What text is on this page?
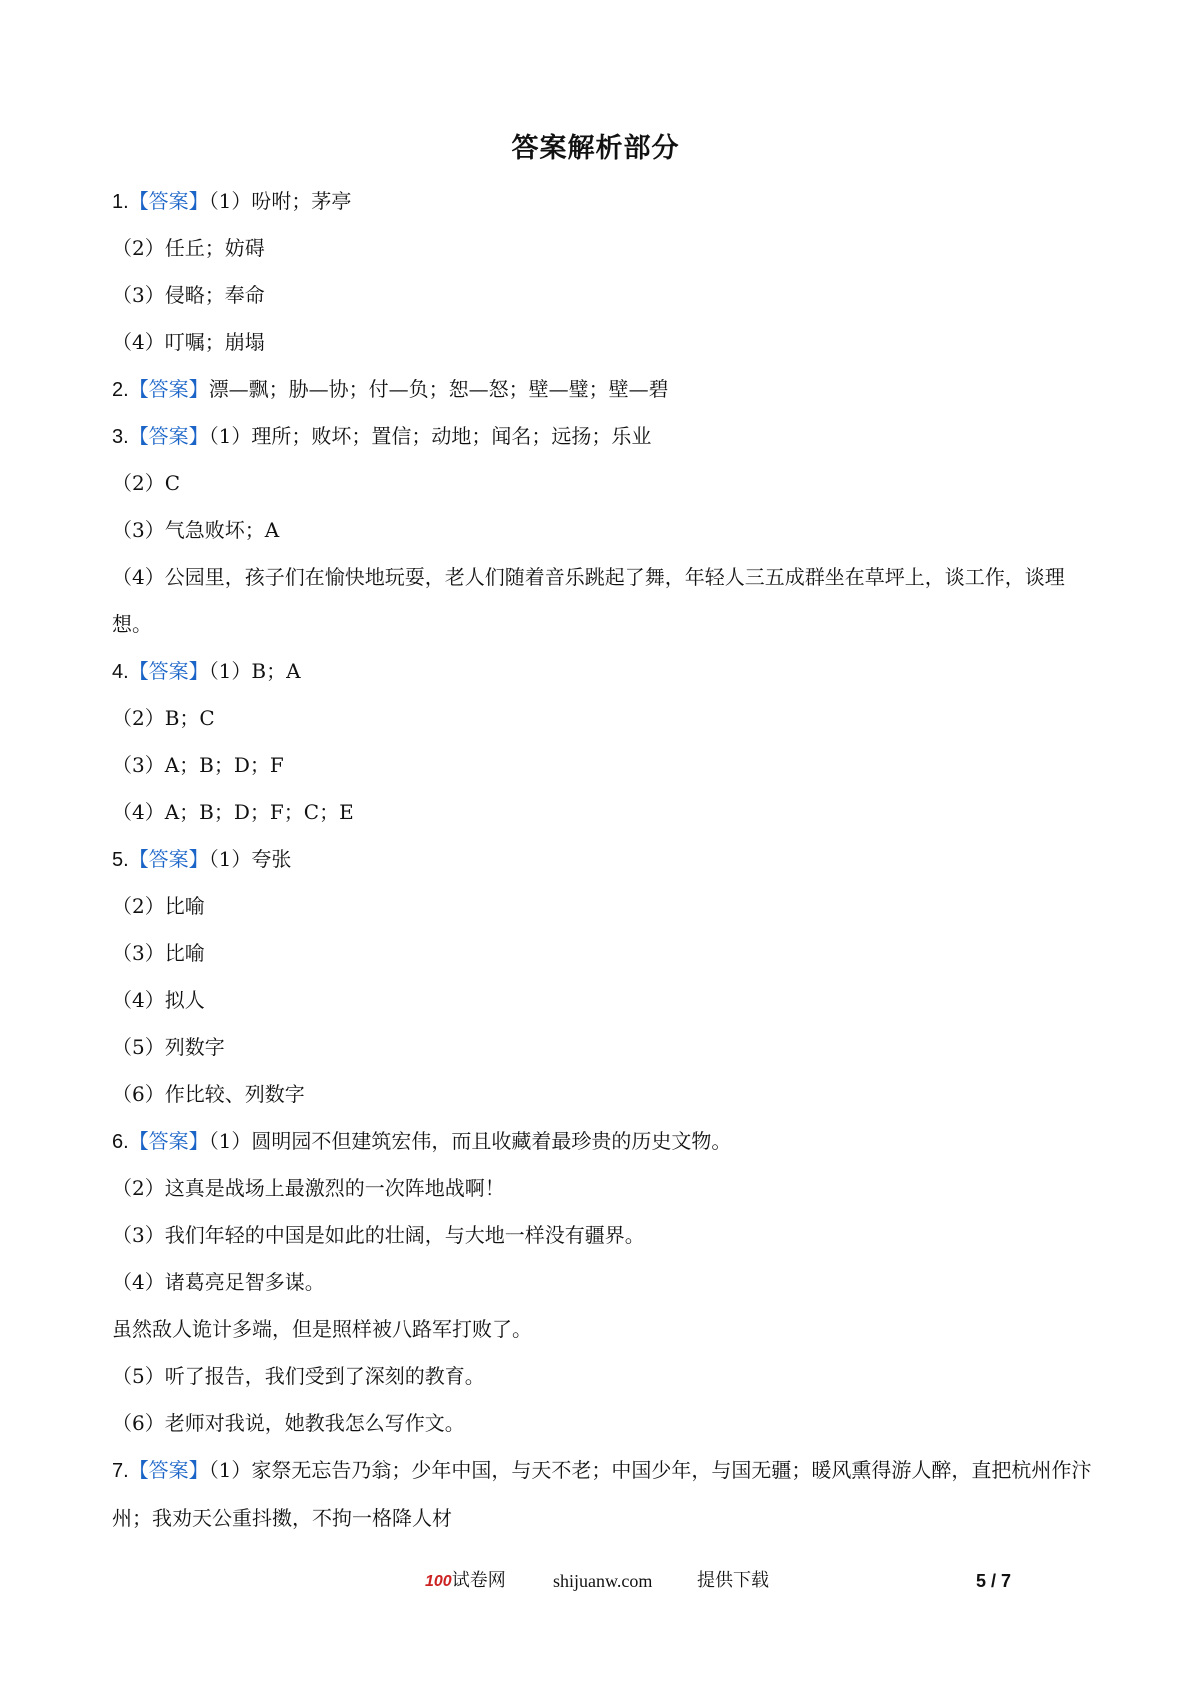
答案解析部分
1.【答案】（1）吩咐；茅亭
（2）任丘；妨碍
（3）侵略；奉命
（4）叮嘱；崩塌
2.【答案】漂—飘；胁—协；付—负；恕—怒；壁—璧；壁—碧
3.【答案】（1）理所；败坏；置信；动地；闻名；远扬；乐业
（2）C
（3）气急败坏；A
（4）公园里，孩子们在愉快地玩耍，老人们随着音乐跳起了舞，年轻人三五成群坐在草坪上，谈工作，谈理想。
4.【答案】（1）B；A
（2）B；C
（3）A；B；D；F
（4）A；B；D；F；C；E
5.【答案】（1）夸张
（2）比喻
（3）比喻
（4）拟人
（5）列数字
（6）作比较、列数字
6.【答案】（1）圆明园不但建筑宏伟，而且收藏着最珍贵的历史文物。
（2）这真是战场上最激烈的一次阵地战啊！
（3）我们年轻的中国是如此的壮阔，与大地一样没有疆界。
（4）诸葛亮足智多谋。
虽然敌人诡计多端，但是照样被八路军打败了。
（5）听了报告，我们受到了深刻的教育。
（6）老师对我说，她教我怎么写作文。
7.【答案】（1）家祭无忘告乃翁；少年中国，与天不老；中国少年，与国无疆；暖风熏得游人醉，直把杭州作汴州；我劝天公重抖擞，不拘一格降人材
100试卷网	shijuanw.com 提供下载	5 / 7
